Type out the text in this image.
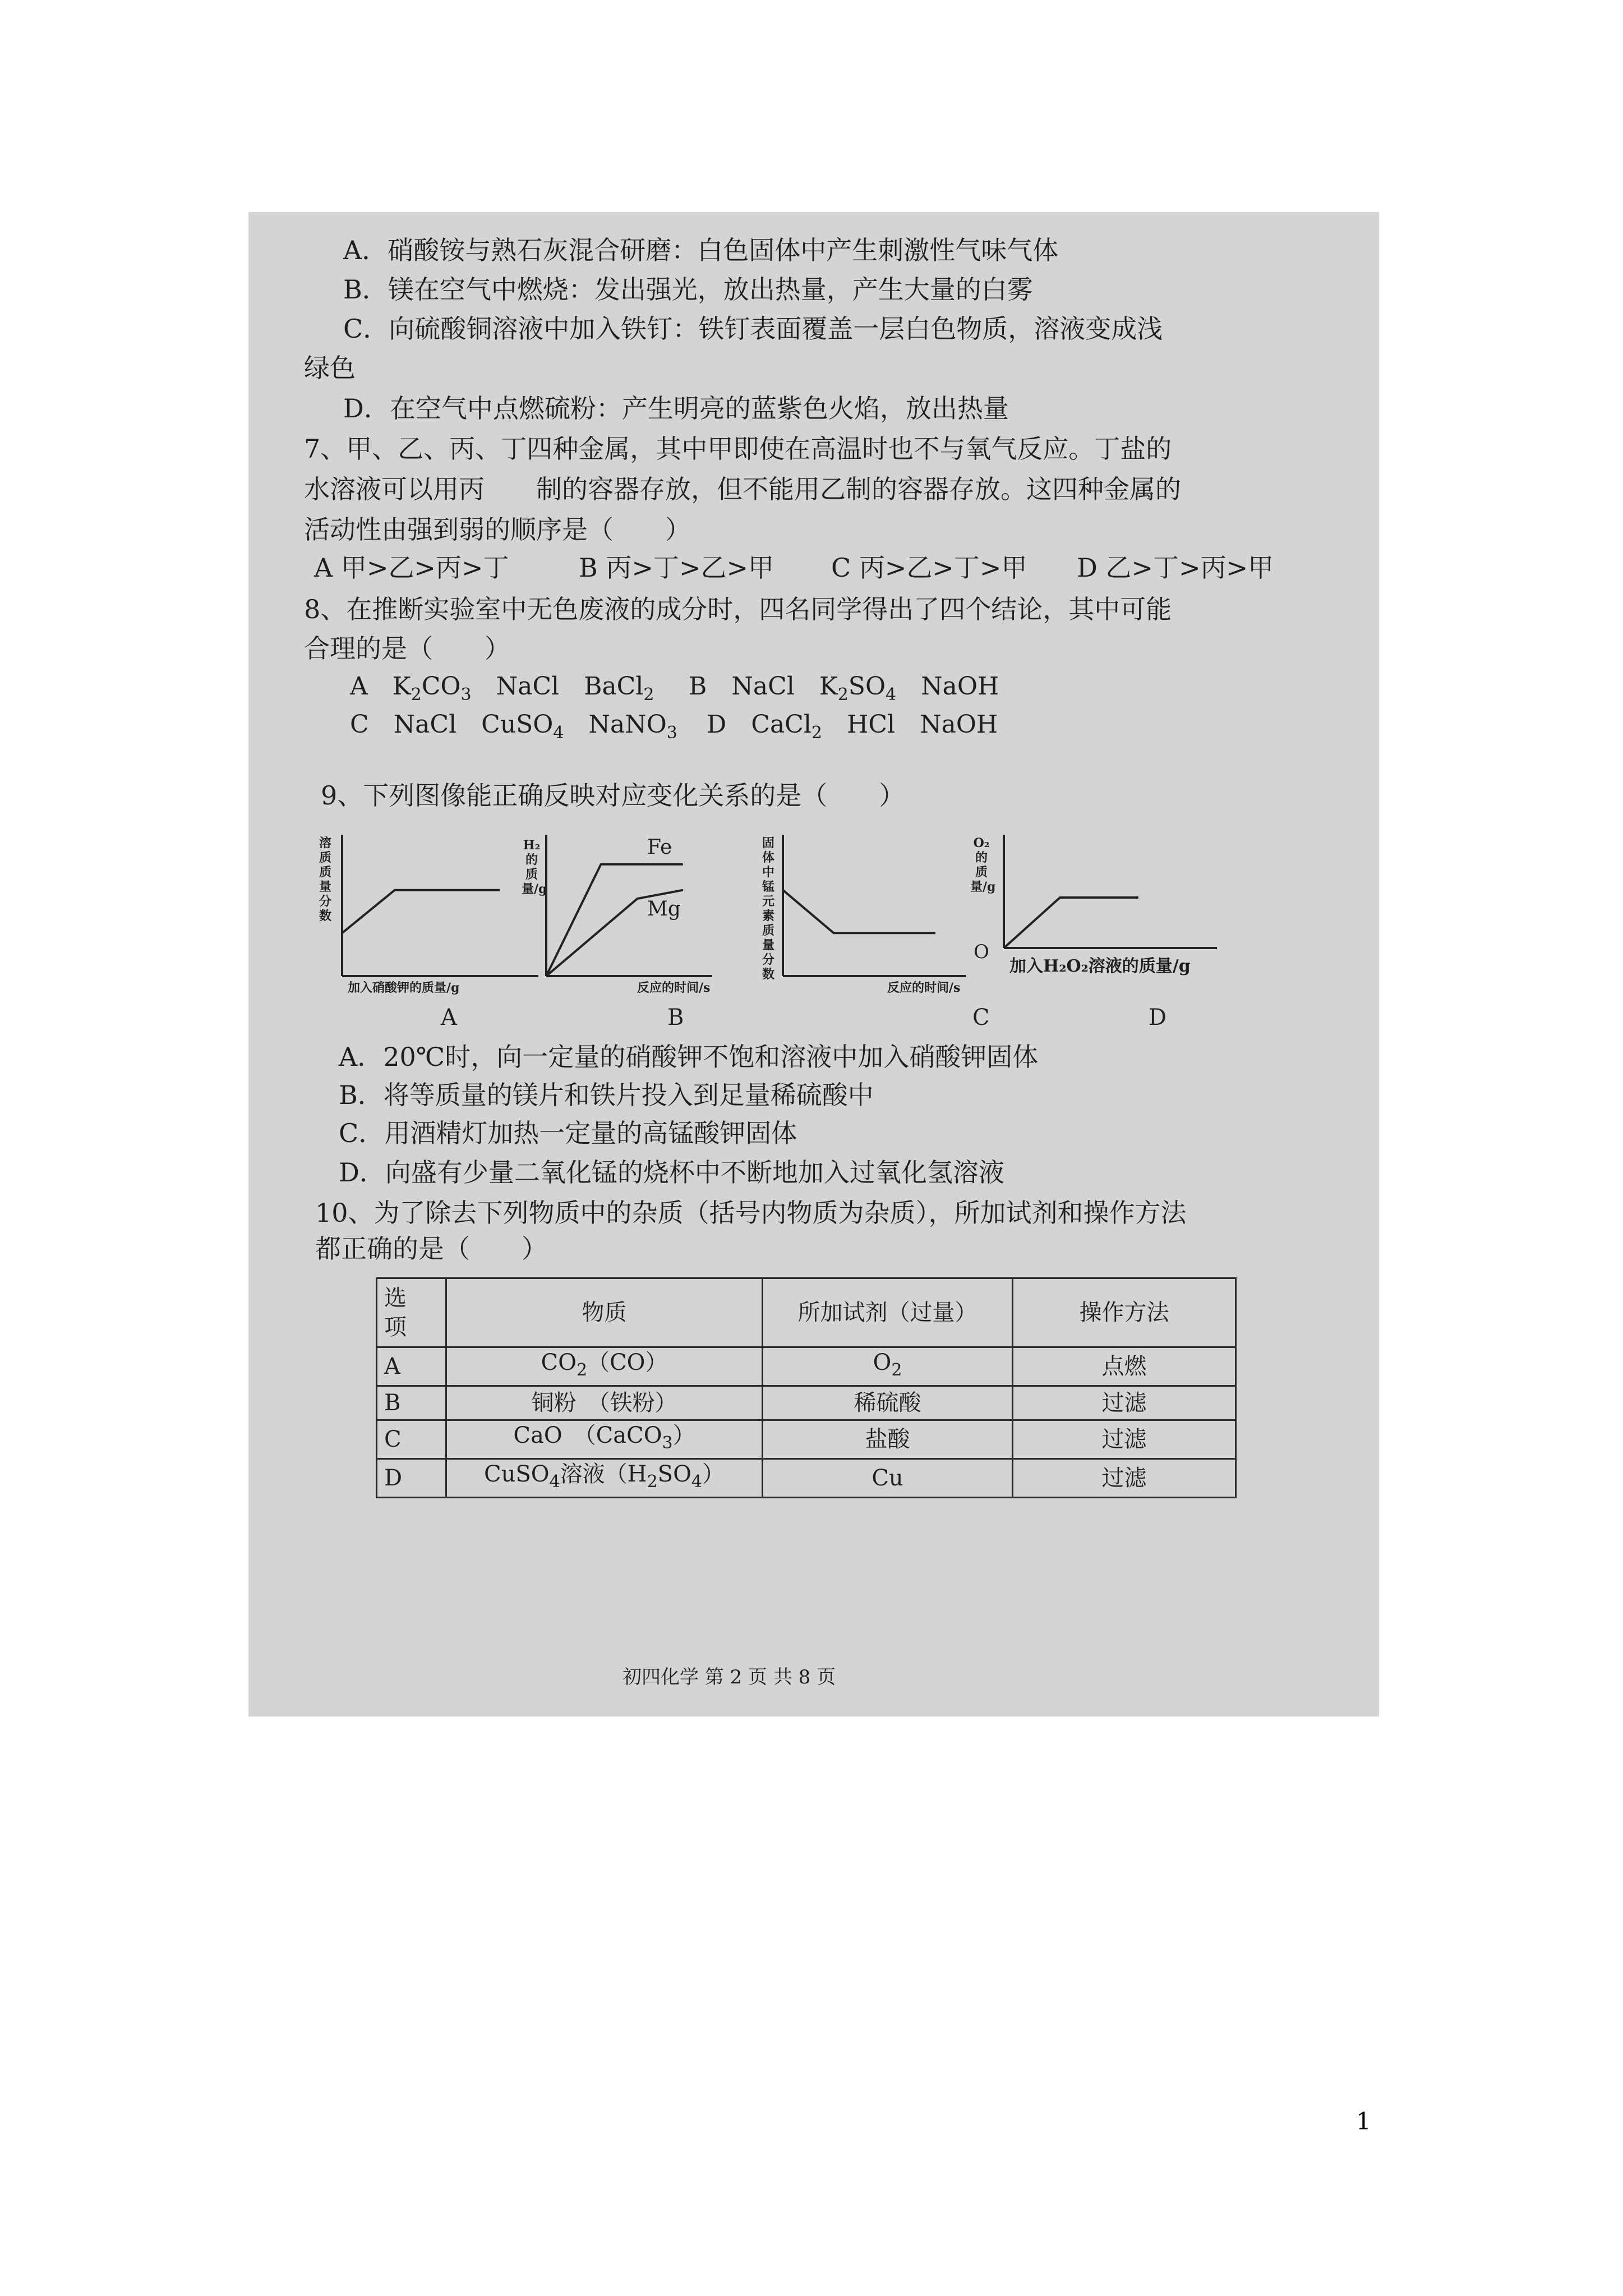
A．硝酸铵与熟石灰混合研磨：白色固体中产生刺激性气味气体
B．镁在空气中燃烧：发出强光，放出热量，产生大量的白雾
C．向硫酸铜溶液中加入铁钉：铁钉表面覆盖一层白色物质，溶液变成浅
绿色
D．在空气中点燃硫粉：产生明亮的蓝紫色火焰，放出热量
7、甲、乙、丙、丁四种金属，其中甲即使在高温时也不与氧气反应。丁盐的
水溶液可以用丙　　制的容器存放，但不能用乙制的容器存放。这四种金属的
活动性由强到弱的顺序是（　　）
A 甲>乙>丙>丁	B 丙>丁>乙>甲 C 丙>乙>丁>甲 D 乙>丁>丙>甲
8、在推断实验室中无色废液的成分时，四名同学得出了四个结论，其中可能
合理的是（　　）
A　 $K_2CO_3$　 NaCl　 BaCl$_2$ B　 NaCl　 $K_2SO_4$　 NaOH
C　 NaCl　 CuSO$_4$　 NaNO$_3$ D　 CaCl$_2$　 HCl　 NaOH
9、下列图像能正确反映对应变化关系的是（　　）
溶质质量分数
加入硝酸钾的质量/g
A
H₂的质量/g
Fe
Mg
反应的时间/s
B
固体中锰元素质量分数
反应的时间/s
C
O₂的质量/g
O
加入H₂O₂溶液的质量/g
D
A．20℃时，向一定量的硝酸钾不饱和溶液中加入硝酸钾固体
B．将等质量的镁片和铁片投入到足量稀硫酸中
C．用酒精灯加热一定量的高锰酸钾固体
D．向盛有少量二氧化锰的烧杯中不断地加入过氧化氢溶液
10、为了除去下列物质中的杂质（括号内物质为杂质），所加试剂和操作方法
都正确的是（　　）
选项	物质	所加试剂（过量）	操作方法
A	$CO_2(CO)$	$O_2$	点燃
B	铜粉　（铁粉）	稀硫酸	过滤
C	CaO　（CaCO$_3$）	盐酸	过滤
D	CuSO$_4$溶液$(H_2SO_4)$	Cu	过滤
初四化学 第 2 页 共 8 页
1
